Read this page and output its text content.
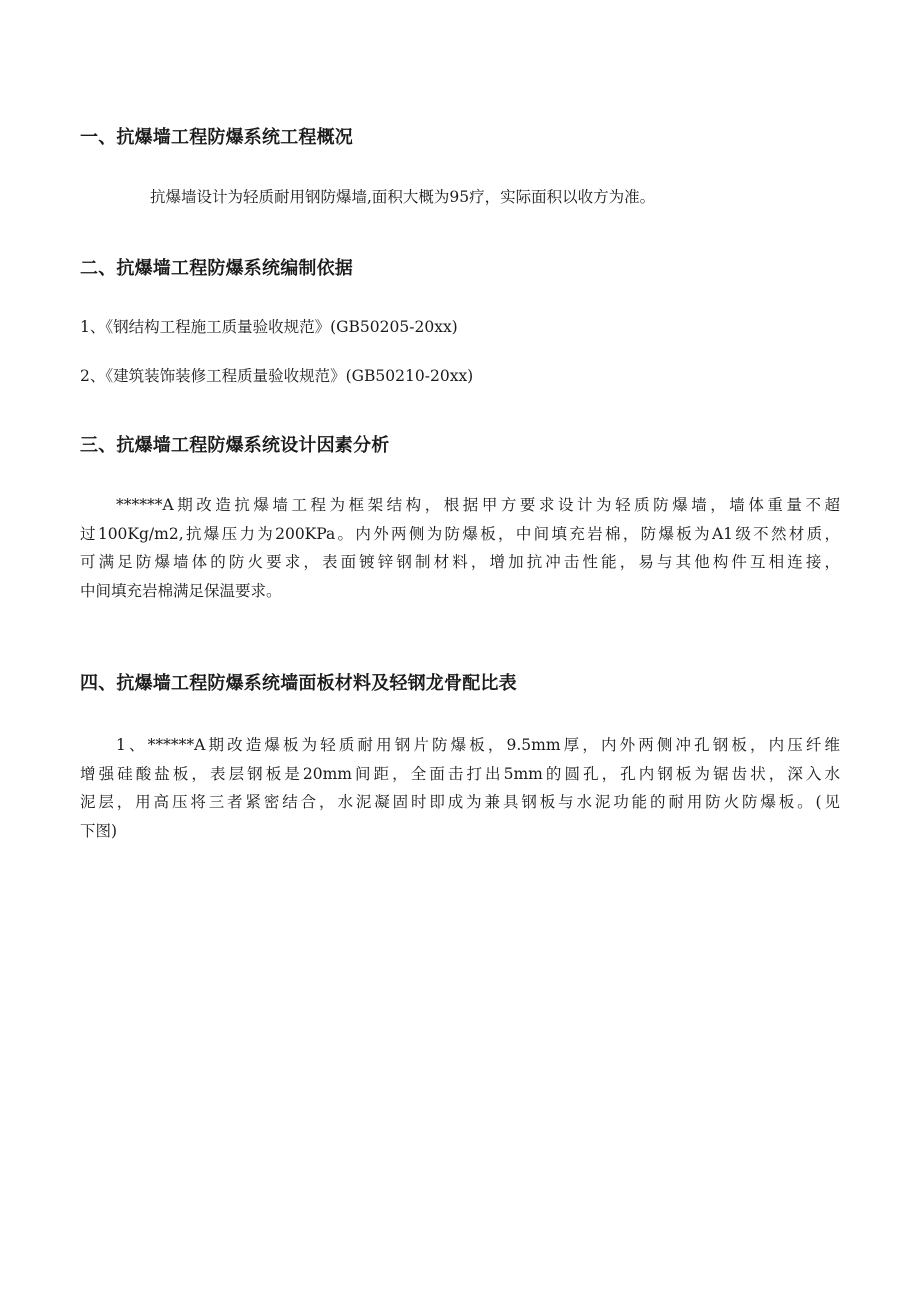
一、抗爆墙工程防爆系统工程概况
抗爆墙设计为轻质耐用钢防爆墙,面积大概为95疗，实际面积以收方为准。
二、抗爆墙工程防爆系统编制依据
1、《钢结构工程施工质量验收规范》(GB50205-20xx)
2、《建筑装饰装修工程质量验收规范》(GB50210-20xx)
三、抗爆墙工程防爆系统设计因素分析
******A期改造抗爆墙工程为框架结构，根据甲方要求设计为轻质防爆墙，墙体重量不超
过100Kg/m2,抗爆压力为200KPa。内外两侧为防爆板，中间填充岩棉，防爆板为A1级不然材质，
可满足防爆墙体的防火要求，表面镀锌钢制材料，增加抗冲击性能，易与其他构件互相连接，
中间填充岩棉满足保温要求。
四、抗爆墙工程防爆系统墙面板材料及轻钢龙骨配比表
1、******A期改造爆板为轻质耐用钢片防爆板，9.5mm厚，内外两侧冲孔钢板，内压纤维
增强硅酸盐板，表层钢板是20mm间距，全面击打出5mm的圆孔，孔内钢板为锯齿状，深入水
泥层，用高压将三者紧密结合，水泥凝固时即成为兼具钢板与水泥功能的耐用防火防爆板。(见
下图)
